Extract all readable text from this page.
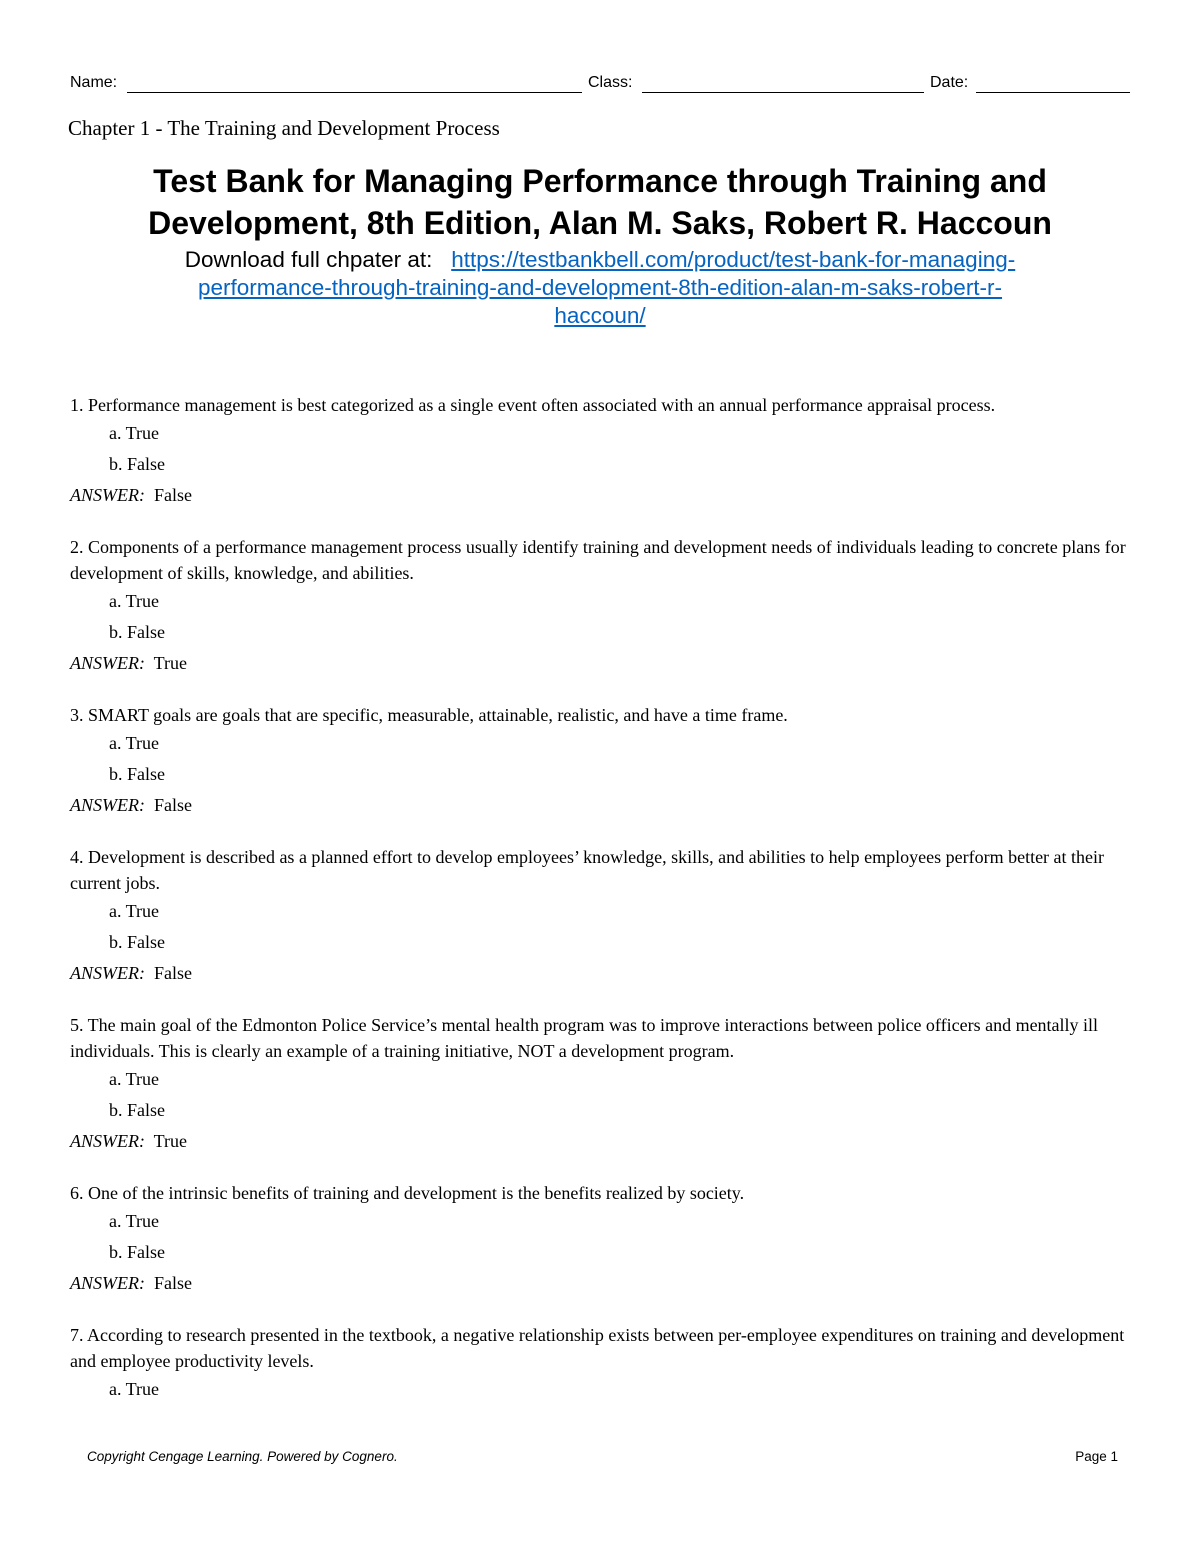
Name:	Class:	Date:
Chapter 1 - The Training and Development Process
Test Bank for Managing Performance through Training and
Development, 8th Edition, Alan M. Saks, Robert R. Haccoun
Download full chpater at: https://testbankbell.com/product/test-bank-for-managing-
performance-through-training-and-development-8th-edition-alan-m-saks-robert-r-
haccoun/

1. Performance management is best categorized as a single event often associated with an annual performance appraisal process.

a. True
b. False
ANSWER: False

2. Components of a performance management process usually identify training and development needs of individuals leading to concrete plans for development of skills, knowledge, and abilities.

a. True
b. False
ANSWER: True

3. SMART goals are goals that are specific, measurable, attainable, realistic, and have a time frame.

a. True
b. False
ANSWER: False

4. Development is described as a planned effort to develop employees’ knowledge, skills, and abilities to help employees perform better at their current jobs.

a. True
b. False
ANSWER: False

5. The main goal of the Edmonton Police Service’s mental health program was to improve interactions between police officers and mentally ill individuals. This is clearly an example of a training initiative, NOT a development program.

a. True
b. False
ANSWER: True

6. One of the intrinsic benefits of training and development is the benefits realized by society.

a. True
b. False
ANSWER: False

7. According to research presented in the textbook, a negative relationship exists between per-employee expenditures on training and development and employee productivity levels.

a. True
Copyright Cengage Learning. Powered by Cognero.	Page 1
